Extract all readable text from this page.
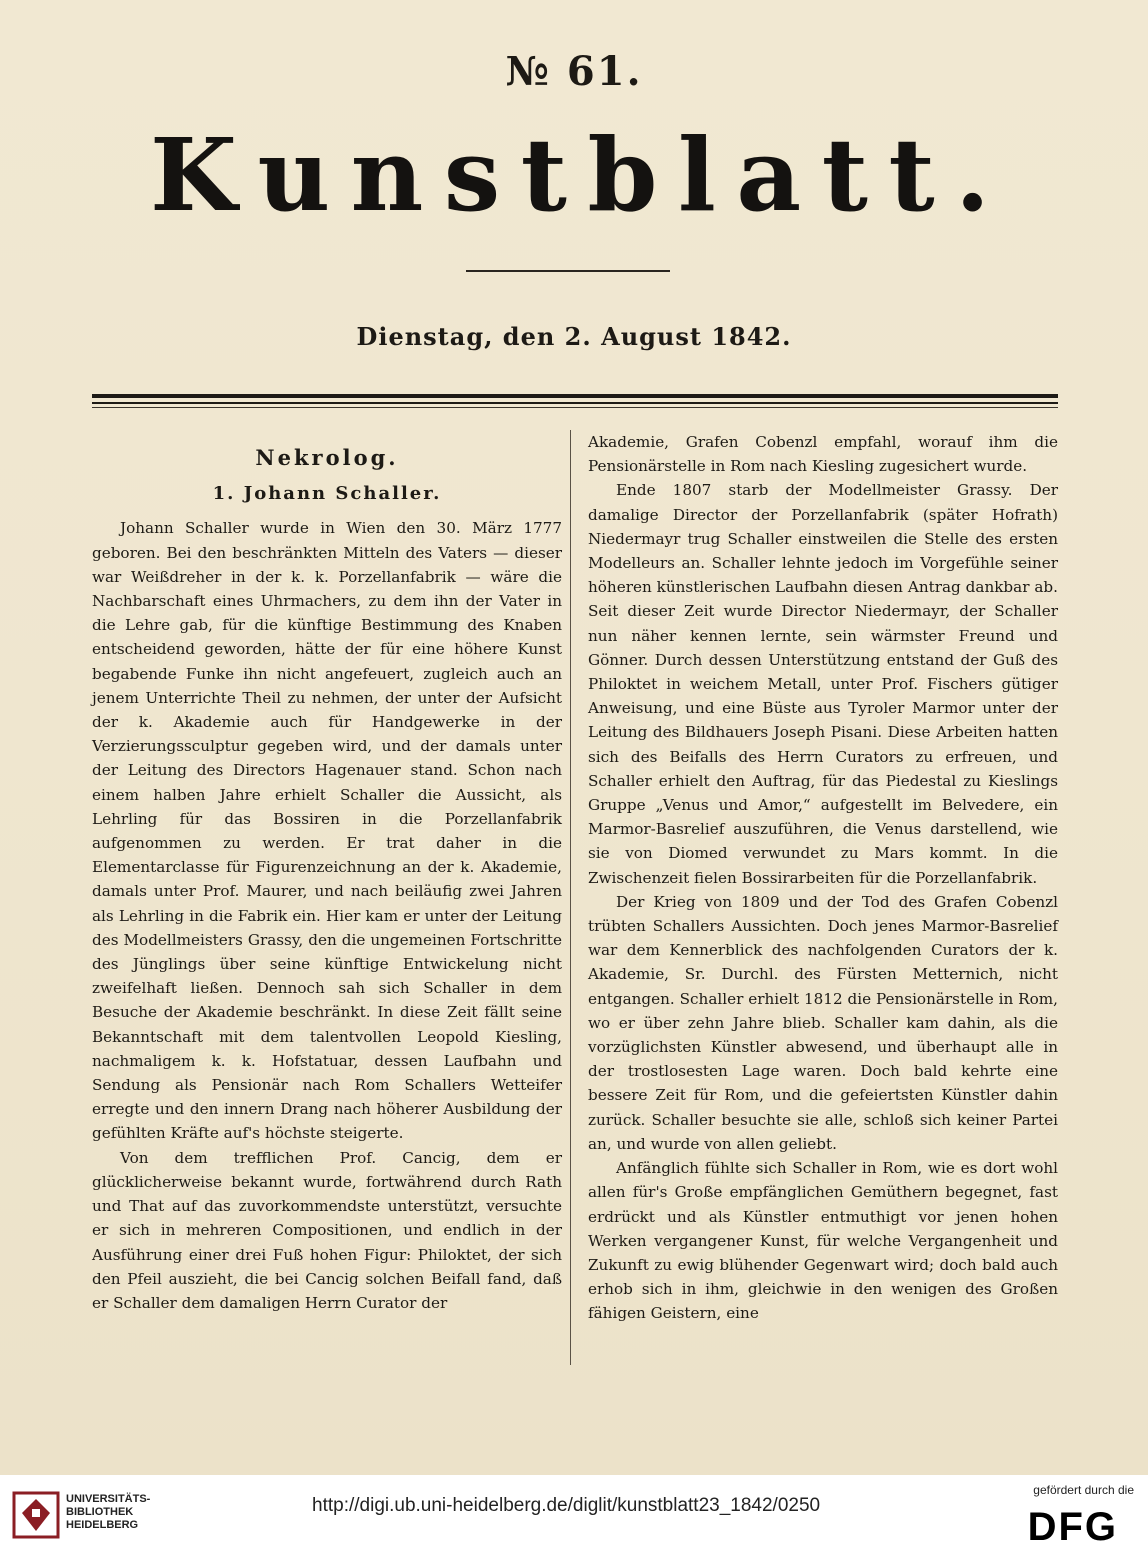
№ 61.
K u n s t b l a t t .
Dienstag, den 2. August 1842.
Nekrolog.
1. Johann Schaller.

Johann Schaller wurde in Wien den 30. März 1777 geboren. Bei den beschränkten Mitteln des Vaters — dieser war Weißdreher in der k. k. Porzellanfabrik — wäre die Nachbarschaft eines Uhrmachers, zu dem ihn der Vater in die Lehre gab, für die künftige Bestimmung des Knaben entscheidend geworden, hätte der für eine höhere Kunst begabende Funke ihn nicht angefeuert, zugleich auch an jenem Unterrichte Theil zu nehmen, der unter der Aufsicht der k. Akademie auch für Handgewerke in der Verzierungssculptur gegeben wird, und der damals unter der Leitung des Directors Hagenauer stand. Schon nach einem halben Jahre erhielt Schaller die Aussicht, als Lehrling für das Bossiren in die Porzellanfabrik aufgenommen zu werden. Er trat daher in die Elementarclasse für Figurenzeichnung an der k. Akademie, damals unter Prof. Maurer, und nach beiläufig zwei Jahren als Lehrling in die Fabrik ein. Hier kam er unter der Leitung des Modellmeisters Grassy, den die ungemeinen Fortschritte des Jünglings über seine künftige Entwickelung nicht zweifelhaft ließen. Dennoch sah sich Schaller in dem Besuche der Akademie beschränkt. In diese Zeit fällt seine Bekanntschaft mit dem talentvollen Leopold Kiesling, nachmaligem k. k. Hofstatuar, dessen Laufbahn und Sendung als Pensionär nach Rom Schallers Wetteifer erregte und den innern Drang nach höherer Ausbildung der gefühlten Kräfte auf's höchste steigerte.

Von dem trefflichen Prof. Cancig, dem er glücklicherweise bekannt wurde, fortwährend durch Rath und That auf das zuvorkommendste unterstützt, versuchte er sich in mehreren Compositionen, und endlich in der Ausführung einer drei Fuß hohen Figur: Philoktet, der sich den Pfeil auszieht, die bei Cancig solchen Beifall fand, daß er Schaller dem damaligen Herrn Curator der

Akademie, Grafen Cobenzl empfahl, worauf ihm die Pensionärstelle in Rom nach Kiesling zugesichert wurde.

Ende 1807 starb der Modellmeister Grassy. Der damalige Director der Porzellanfabrik (später Hofrath) Niedermayr trug Schaller einstweilen die Stelle des ersten Modelleurs an. Schaller lehnte jedoch im Vorgefühle seiner höheren künstlerischen Laufbahn diesen Antrag dankbar ab. Seit dieser Zeit wurde Director Niedermayr, der Schaller nun näher kennen lernte, sein wärmster Freund und Gönner. Durch dessen Unterstützung entstand der Guß des Philoktet in weichem Metall, unter Prof. Fischers gütiger Anweisung, und eine Büste aus Tyroler Marmor unter der Leitung des Bildhauers Joseph Pisani. Diese Arbeiten hatten sich des Beifalls des Herrn Curators zu erfreuen, und Schaller erhielt den Auftrag, für das Piedestal zu Kieslings Gruppe „Venus und Amor,“ aufgestellt im Belvedere, ein Marmor-Basrelief auszuführen, die Venus darstellend, wie sie von Diomed verwundet zu Mars kommt. In die Zwischenzeit fielen Bossirarbeiten für die Porzellanfabrik.

Der Krieg von 1809 und der Tod des Grafen Cobenzl trübten Schallers Aussichten. Doch jenes Marmor-Basrelief war dem Kennerblick des nachfolgenden Curators der k. Akademie, Sr. Durchl. des Fürsten Metternich, nicht entgangen. Schaller erhielt 1812 die Pensionärstelle in Rom, wo er über zehn Jahre blieb. Schaller kam dahin, als die vorzüglichsten Künstler abwesend, und überhaupt alle in der trostlosesten Lage waren. Doch bald kehrte eine bessere Zeit für Rom, und die gefeiertsten Künstler dahin zurück. Schaller besuchte sie alle, schloß sich keiner Partei an, und wurde von allen geliebt.

Anfänglich fühlte sich Schaller in Rom, wie es dort wohl allen für's Große empfänglichen Gemüthern begegnet, fast erdrückt und als Künstler entmuthigt vor jenen hohen Werken vergangener Kunst, für welche Vergangenheit und Zukunft zu ewig blühender Gegenwart wird; doch bald auch erhob sich in ihm, gleichwie in den wenigen des Großen fähigen Geistern, eine

UNIVERSITÄTS-
BIBLIOTHEK
HEIDELBERG
http://digi.ub.uni-heidelberg.de/diglit/kunstblatt23_1842/0250
gefördert durch die
DFG
